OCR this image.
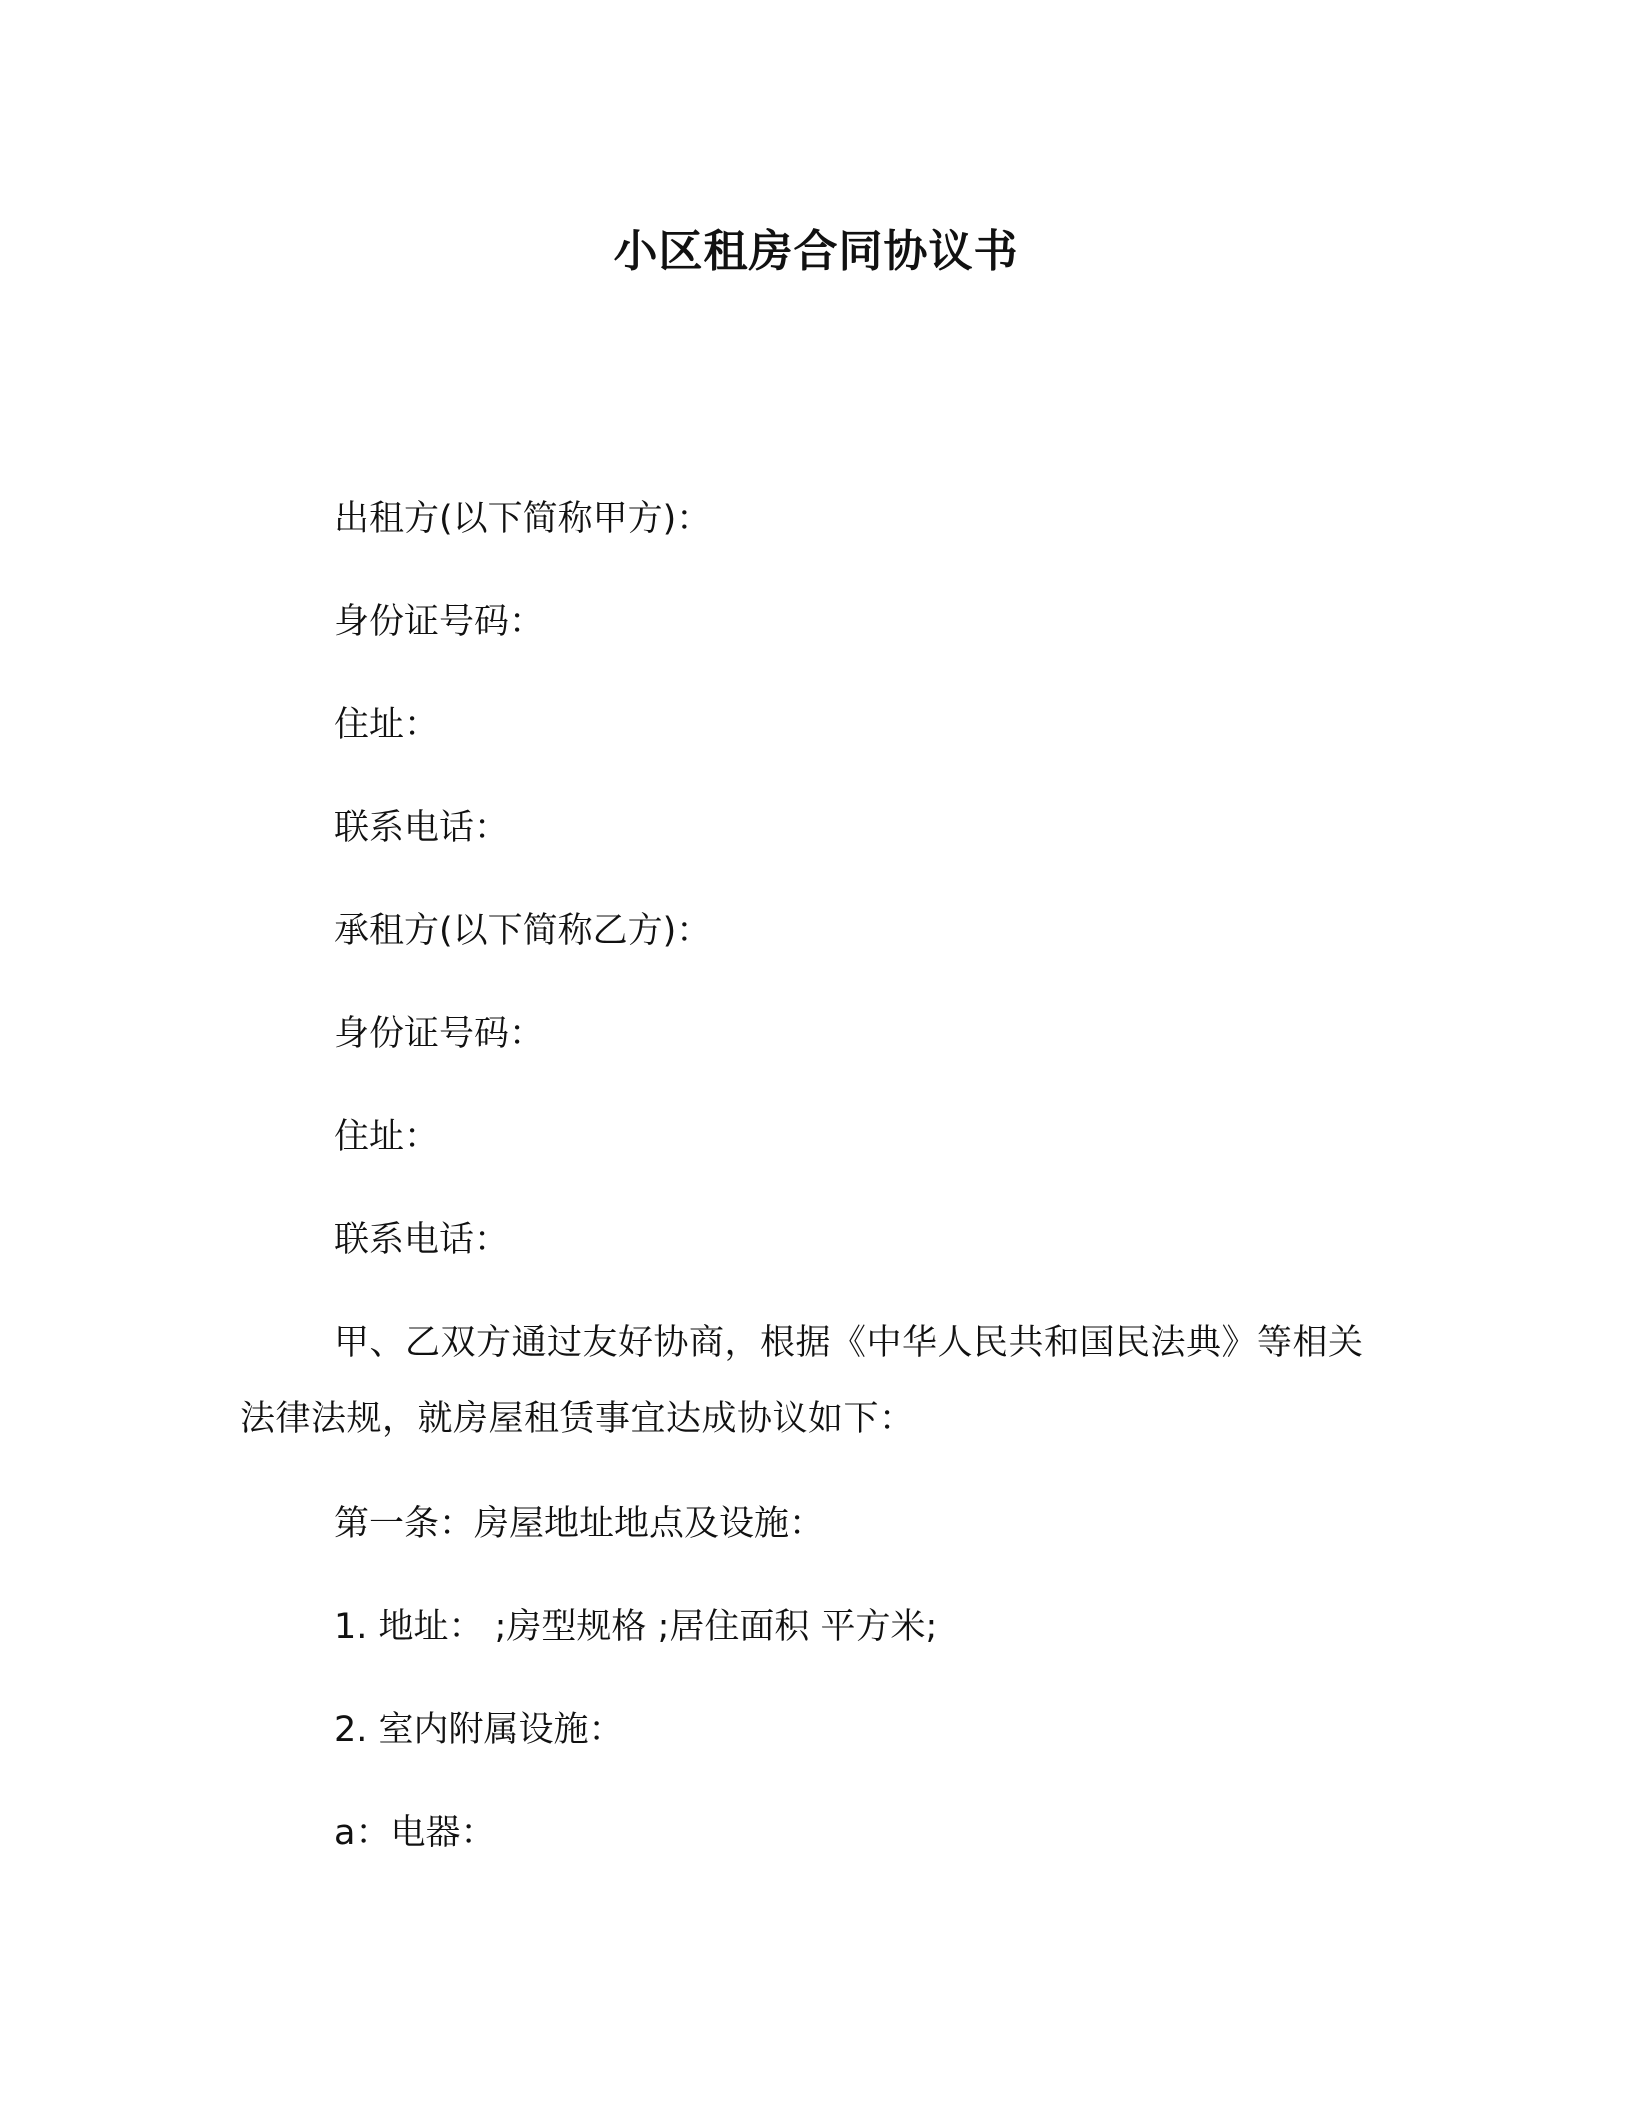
小区租房合同协议书

出租方(以下简称甲方)：

身份证号码：

住址：

联系电话：

承租方(以下简称乙方)：

身份证号码：

住址：

联系电话：

甲、乙双方通过友好协商，根据《中华人民共和国民法典》等相关法律法规，就房屋租赁事宜达成协议如下：

第一条：房屋地址地点及设施：

1. 地址： ;房型规格 ;居住面积 平方米;

2. 室内附属设施：

a：电器：
